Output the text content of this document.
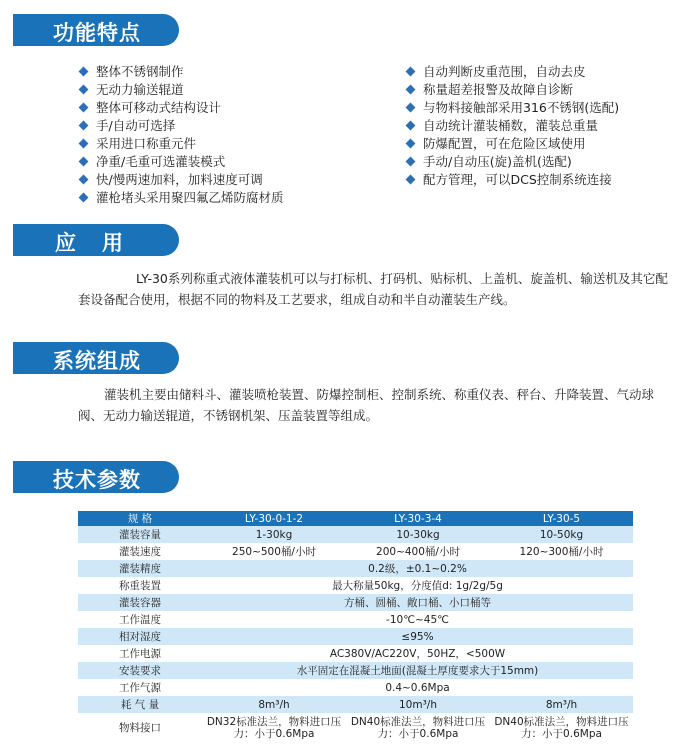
功能特点
整体不锈钢制作
无动力输送辊道
整体可移动式结构设计
手/自动可选择
采用进口称重元件
净重/毛重可选灌装模式
快/慢两速加料，加料速度可调
灌枪堵头采用聚四氟乙烯防腐材质
自动判断皮重范围，自动去皮
称量超差报警及故障自诊断
与物料接触部采用316不锈钢(选配)
自动统计灌装桶数，灌装总重量
防爆配置，可在危险区域使用
手动/自动压(旋)盖机(选配)
配方管理，可以DCS控制系统连接
应用
LY-30系列称重式液体灌装机可以与打标机、打码机、贴标机、上盖机、旋盖机、输送机及其它配套设备配合使用，根据不同的物料及工艺要求，组成自动和半自动灌装生产线。
系统组成
灌装机主要由储料斗、灌装喷枪装置、防爆控制柜、控制系统、称重仪表、秤台、升降装置、气动球阀、无动力输送辊道，不锈钢机架、压盖装置等组成。
技术参数
规 格	LY-30-0-1-2	LY-30-3-4	LY-30-5
灌装容量	1-30kg	10-30kg	10-50kg
灌装速度	250~500桶/小时	200~400桶/小时	120~300桶/小时
灌装精度	0.2级，±0.1~0.2%		
称重装置	最大称量50kg，分度值d: 1g/2g/5g		
灌装容器	方桶、圆桶、敞口桶、小口桶等		
工作温度	-10℃~45℃		
相对湿度	≤95%		
工作电源	AC380V/AC220V，50HZ，<500W		
安装要求	水平固定在混凝土地面(混凝土厚度要求大于15mm)		
工作气源	0.4~0.6Mpa		
耗 气 量	8m³/h	10m³/h	8m³/h
物料接口	DN32标准法兰，物料进口压力：小于0.6Mpa	DN40标准法兰，物料进口压力：小于0.6Mpa	DN40标准法兰，物料进口压力：小于0.6Mpa
